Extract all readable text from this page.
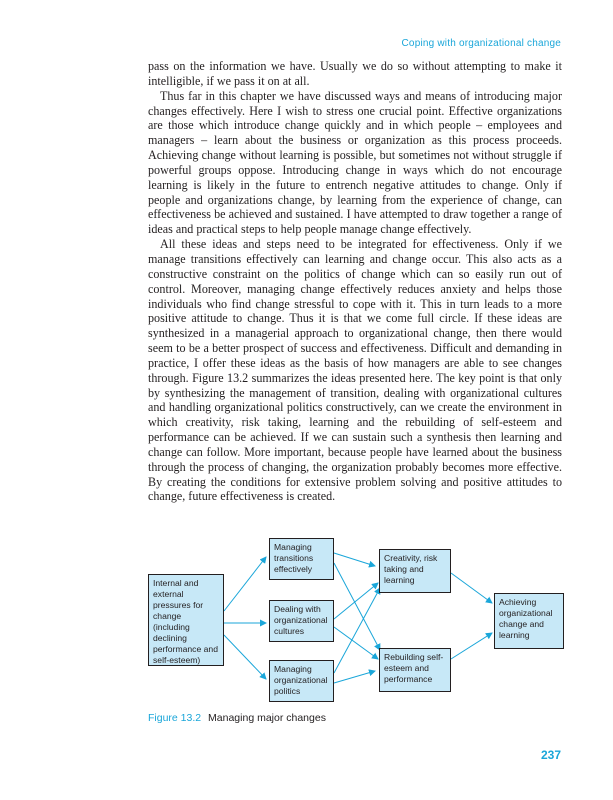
Coping with organizational change

pass on the information we have. Usually we do so without attempting to make it intelligible, if we pass it on at all.

Thus far in this chapter we have discussed ways and means of introducing major changes effectively. Here I wish to stress one crucial point. Effective organizations are those which introduce change quickly and in which people – employees and managers – learn about the business or organization as this process proceeds. Achieving change without learning is possible, but sometimes not without struggle if powerful groups oppose. Introducing change in ways which do not encourage learning is likely in the future to entrench negative attitudes to change. Only if people and organizations change, by learning from the experience of change, can effectiveness be achieved and sustained. I have attempted to draw together a range of ideas and practical steps to help people manage change effectively.

All these ideas and steps need to be integrated for effectiveness. Only if we manage transitions effectively can learning and change occur. This also acts as a constructive constraint on the politics of change which can so easily run out of control. Moreover, managing change effectively reduces anxiety and helps those individuals who find change stressful to cope with it. This in turn leads to a more positive attitude to change. Thus it is that we come full circle. If these ideas are synthesized in a managerial approach to organizational change, then there would seem to be a better prospect of success and effectiveness. Difficult and demanding in practice, I offer these ideas as the basis of how managers are able to see changes through. Figure 13.2 summarizes the ideas presented here. The key point is that only by synthesizing the management of transition, dealing with organizational cultures and handling organizational politics constructively, can we create the environment in which creativity, risk taking, learning and the rebuilding of self-esteem and performance can be achieved. If we can sustain such a synthesis then learning and change can follow. More important, because people have learned about the business through the process of changing, the organization probably becomes more effective. By creating the conditions for extensive problem solving and positive attitudes to change, future effectiveness is created.

Internal and external pressures for change (including declining performance and self-esteem)
Managing transitions effectively
Dealing with organizational cultures
Managing organizational politics
Creativity, risk taking and learning
Rebuilding self-esteem and performance
Achieving organizational change and learning
Figure 13.2 Managing major changes
237
